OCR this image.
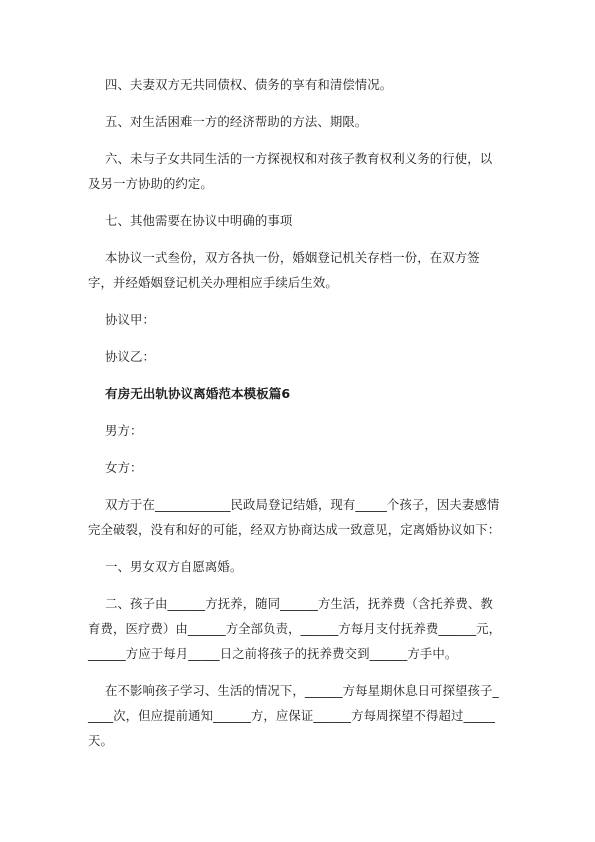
四、夫妻双方无共同债权、债务的享有和清偿情况。

五、对生活困难一方的经济帮助的方法、期限。

六、未与子女共同生活的一方探视权和对孩子教育权利义务的行使，以及另一方协助的约定。

七、其他需要在协议中明确的事项

本协议一式叁份，双方各执一份，婚姻登记机关存档一份，在双方签字，并经婚姻登记机关办理相应手续后生效。

协议甲：

协议乙：

有房无出轨协议离婚范本模板篇6

男方：

女方：

双方于在____________民政局登记结婚，现有_____个孩子，因夫妻感情完全破裂，没有和好的可能，经双方协商达成一致意见，定离婚协议如下：

一、男女双方自愿离婚。

二、孩子由______方抚养，随同______方生活，抚养费（含托养费、教育费，医疗费）由______方全部负责，______方每月支付抚养费______元，______方应于每月_____日之前将孩子的抚养费交到______方手中。

在不影响孩子学习、生活的情况下，______方每星期休息日可探望孩子_____次，但应提前通知______方，应保证______方每周探望不得超过_____天。
